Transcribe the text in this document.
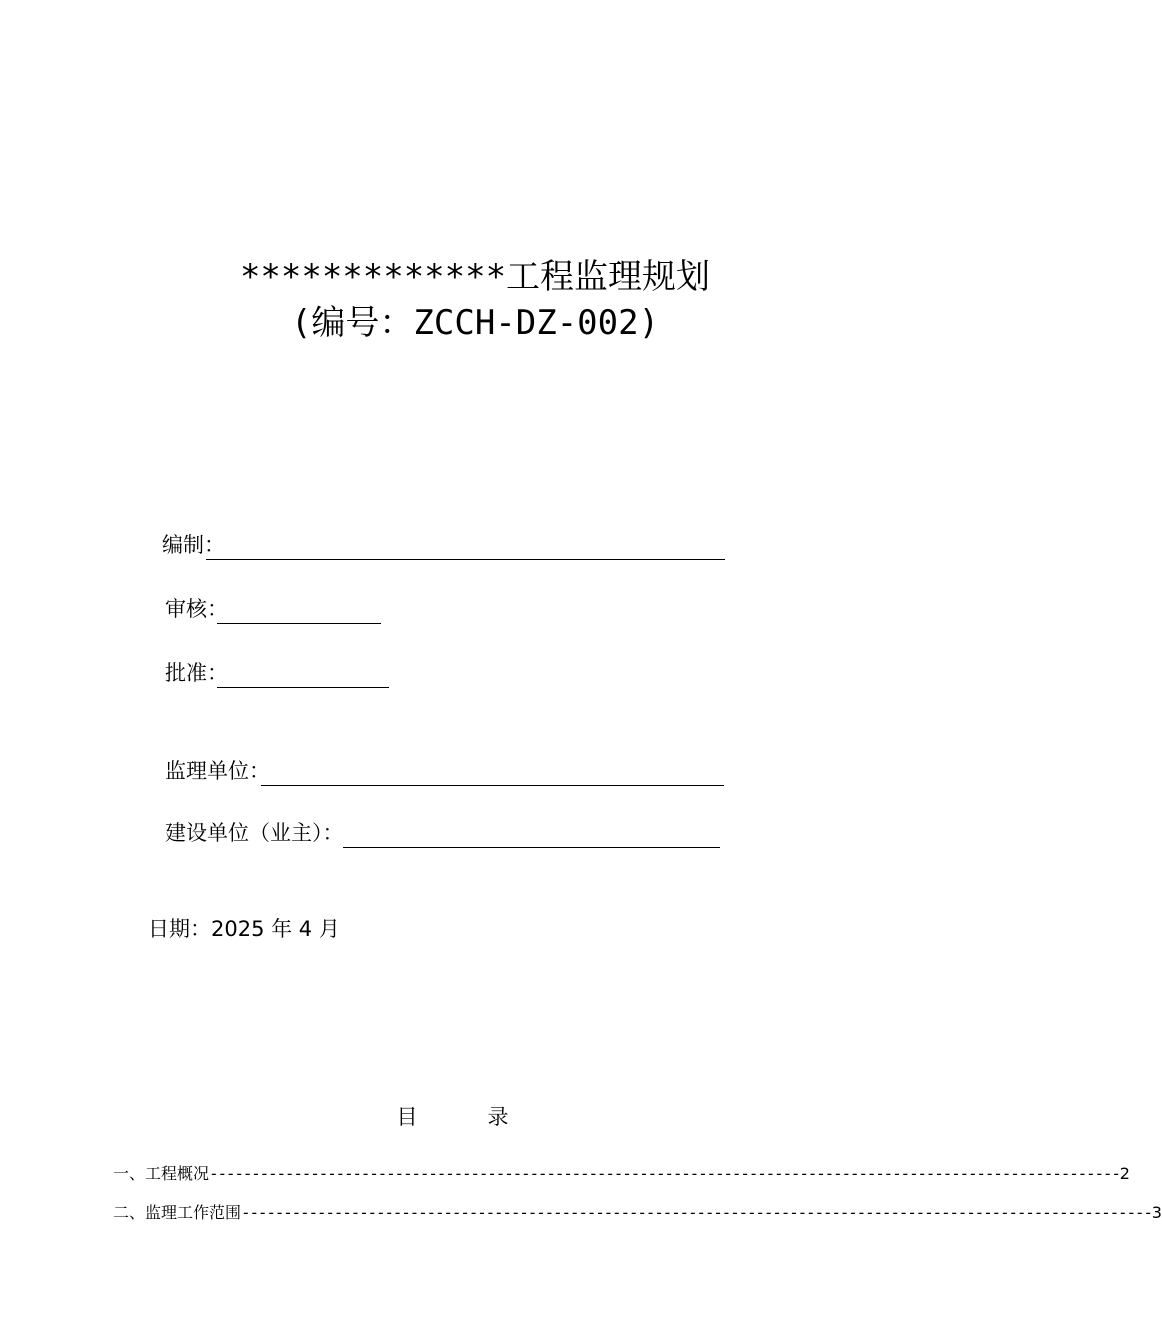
*************工程监理规划
(编号：ZCCH-DZ-002)
编制：
审核：
批准：
监理单位：
建设单位（业主）：
日期：2025 年 4 月
目录
一、工程概况 ------------------------------------------------------------------------------------------------------------ 2
二、监理工作范围 ------------------------------------------------------------------------------------------------------------ 3
